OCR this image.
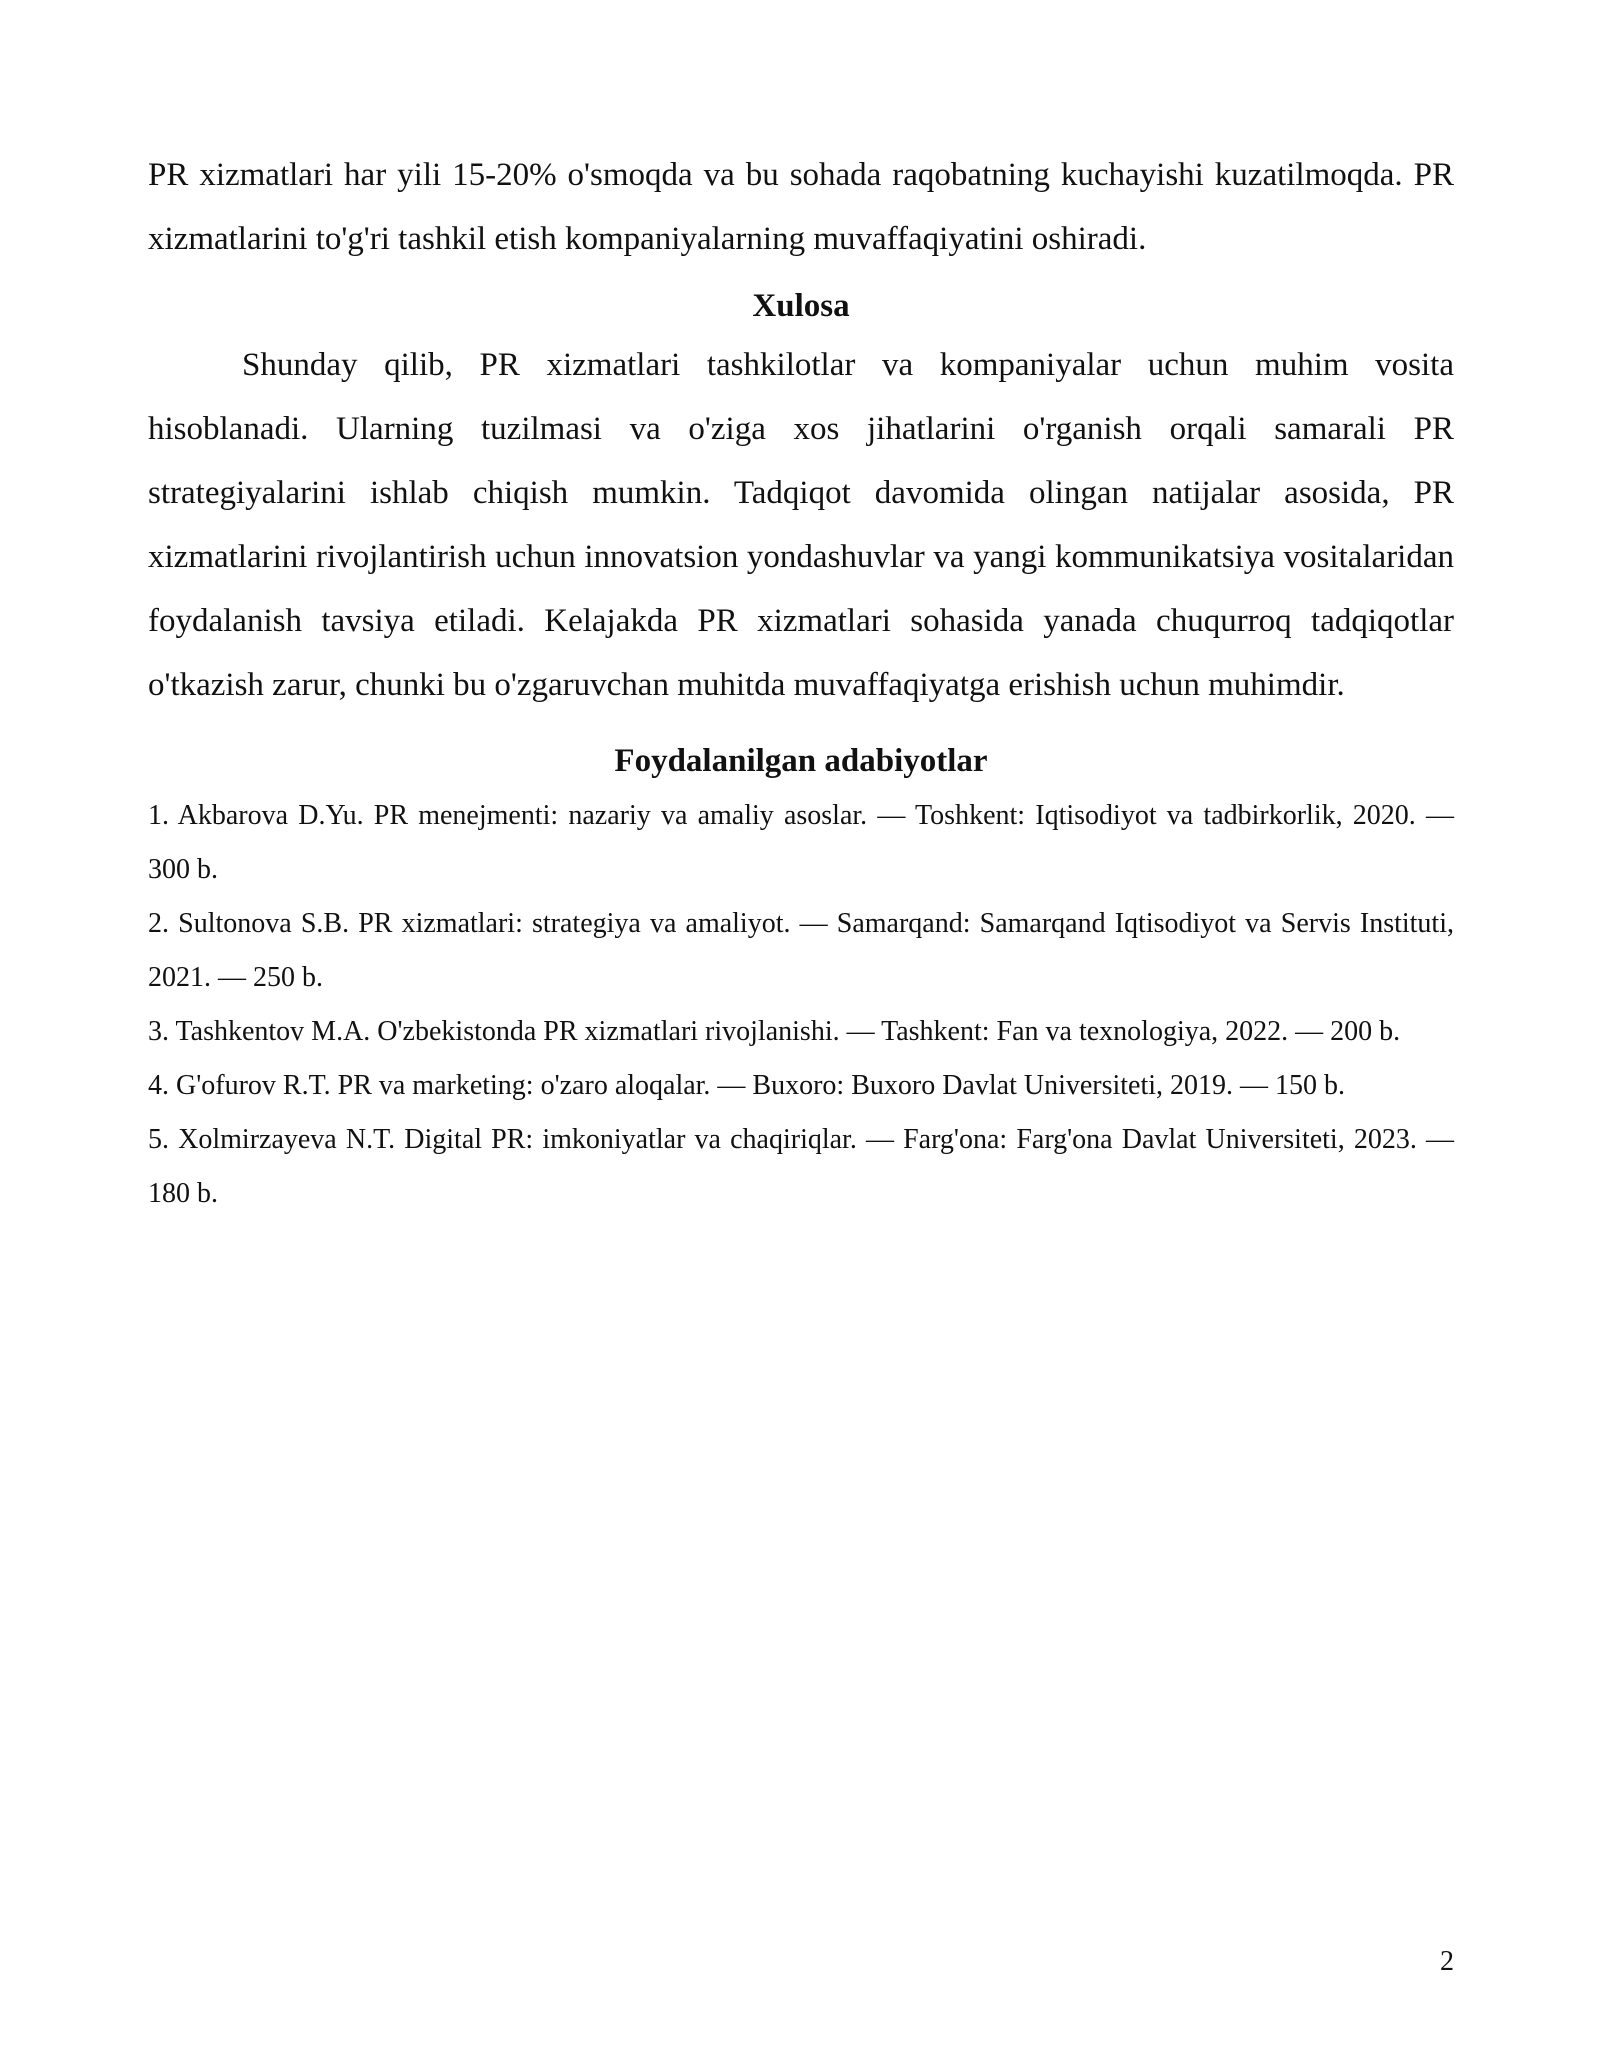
PR xizmatlari har yili 15-20% o'smoqda va bu sohada raqobatning kuchayishi kuzatilmoqda. PR xizmatlarini to'g'ri tashkil etish kompaniyalarning muvaffaqiyatini oshiradi.

Xulosa

Shunday qilib, PR xizmatlari tashkilotlar va kompaniyalar uchun muhim vosita hisoblanadi. Ularning tuzilmasi va o'ziga xos jihatlarini o'rganish orqali samarali PR strategiyalarini ishlab chiqish mumkin. Tadqiqot davomida olingan natijalar asosida, PR xizmatlarini rivojlantirish uchun innovatsion yondashuvlar va yangi kommunikatsiya vositalaridan foydalanish tavsiya etiladi. Kelajakda PR xizmatlari sohasida yanada chuqurroq tadqiqotlar o'tkazish zarur, chunki bu o'zgaruvchan muhitda muvaffaqiyatga erishish uchun muhimdir.

Foydalanilgan adabiyotlar
1. Akbarova D.Yu. PR menejmenti: nazariy va amaliy asoslar. — Toshkent: Iqtisodiyot va tadbirkorlik, 2020. — 300 b.
2. Sultonova S.B. PR xizmatlari: strategiya va amaliyot. — Samarqand: Samarqand Iqtisodiyot va Servis Instituti, 2021. — 250 b.
3. Tashkentov M.A. O'zbekistonda PR xizmatlari rivojlanishi. — Tashkent: Fan va texnologiya, 2022. — 200 b.
4. G'ofurov R.T. PR va marketing: o'zaro aloqalar. — Buxoro: Buxoro Davlat Universiteti, 2019. — 150 b.
5. Xolmirzayeva N.T. Digital PR: imkoniyatlar va chaqiriqlar. — Farg'ona: Farg'ona Davlat Universiteti, 2023. — 180 b.
2
